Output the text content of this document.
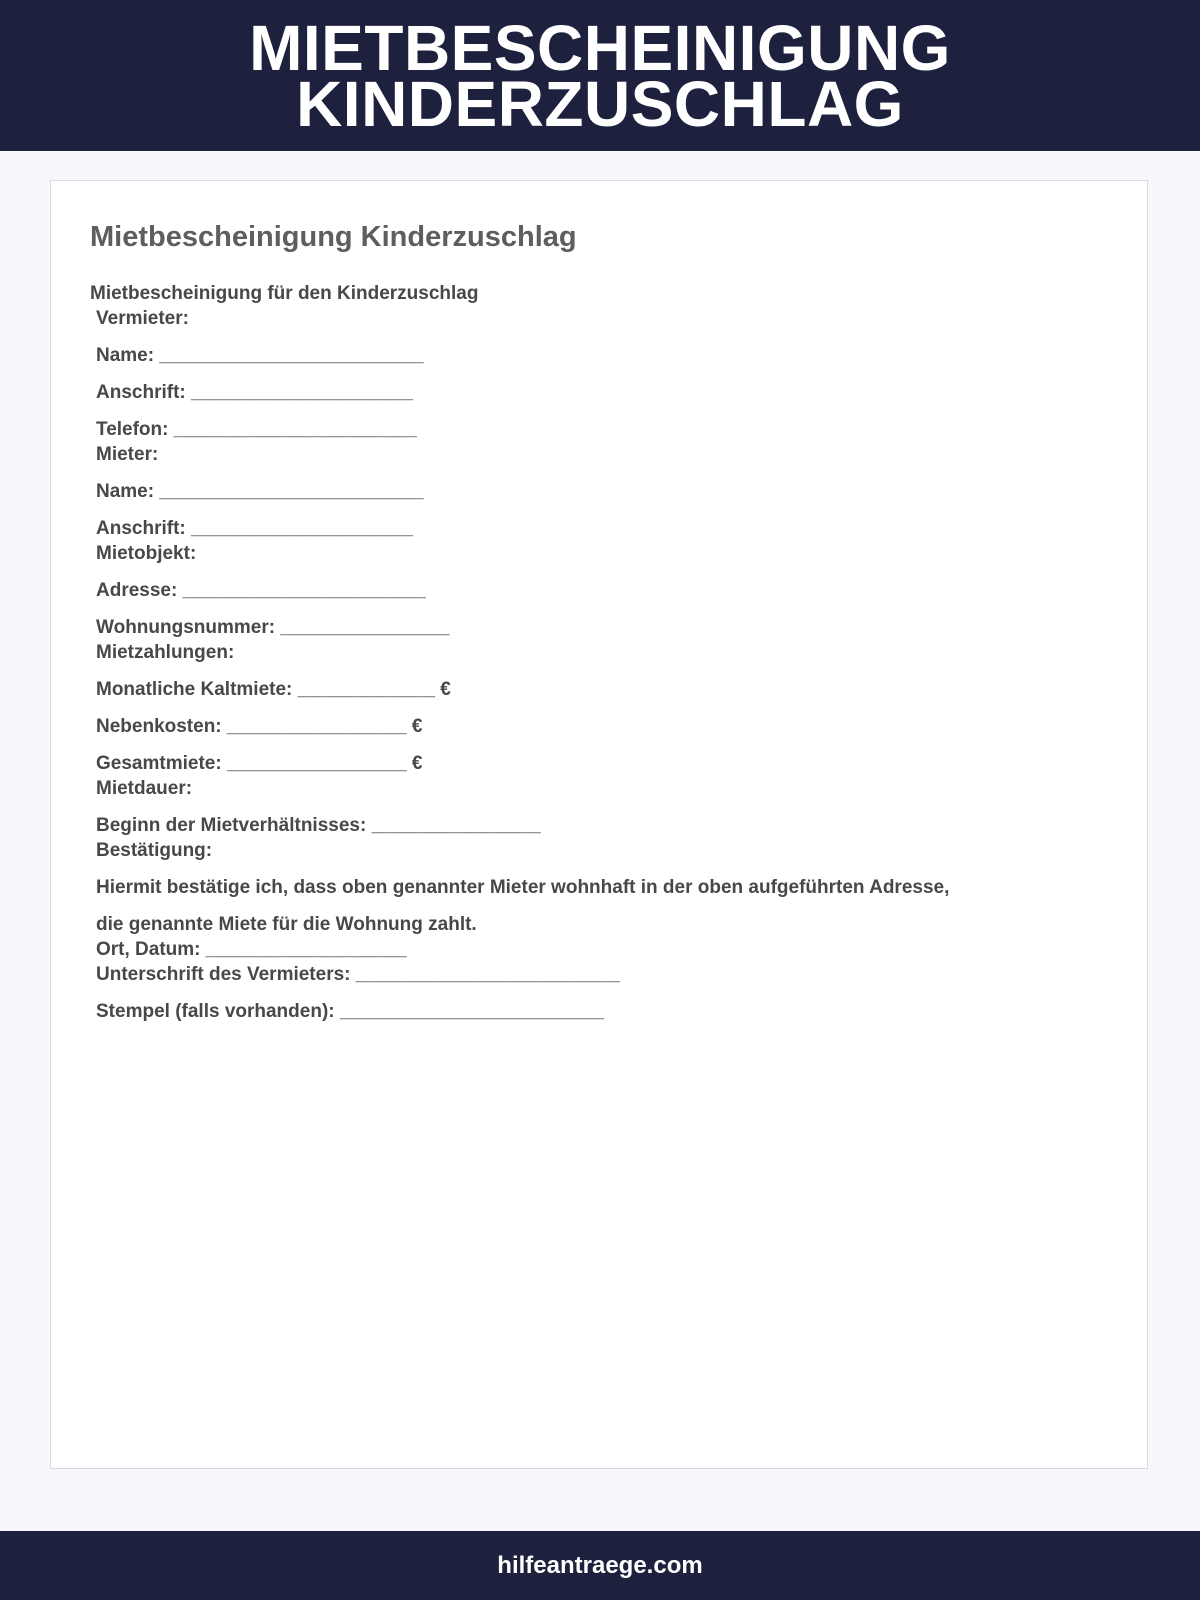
MIETBESCHEINIGUNG
KINDERZUSCHLAG
Mietbescheinigung Kinderzuschlag
Mietbescheinigung für den Kinderzuschlag
Vermieter:
Name: _________________________
Anschrift: _____________________
Telefon: _______________________
Mieter:
Name: _________________________
Anschrift: _____________________
Mietobjekt:
Adresse: _______________________
Wohnungsnummer: ________________
Mietzahlungen:
Monatliche Kaltmiete: _____________ €
Nebenkosten: _________________ €
Gesamtmiete: _________________ €
Mietdauer:
Beginn der Mietverhältnisses: ________________
Bestätigung:
Hiermit bestätige ich, dass oben genannter Mieter wohnhaft in der oben aufgeführten Adresse,
die genannte Miete für die Wohnung zahlt.
Ort, Datum: ___________________
Unterschrift des Vermieters: _________________________
Stempel (falls vorhanden): _________________________
hilfeantraege.com
